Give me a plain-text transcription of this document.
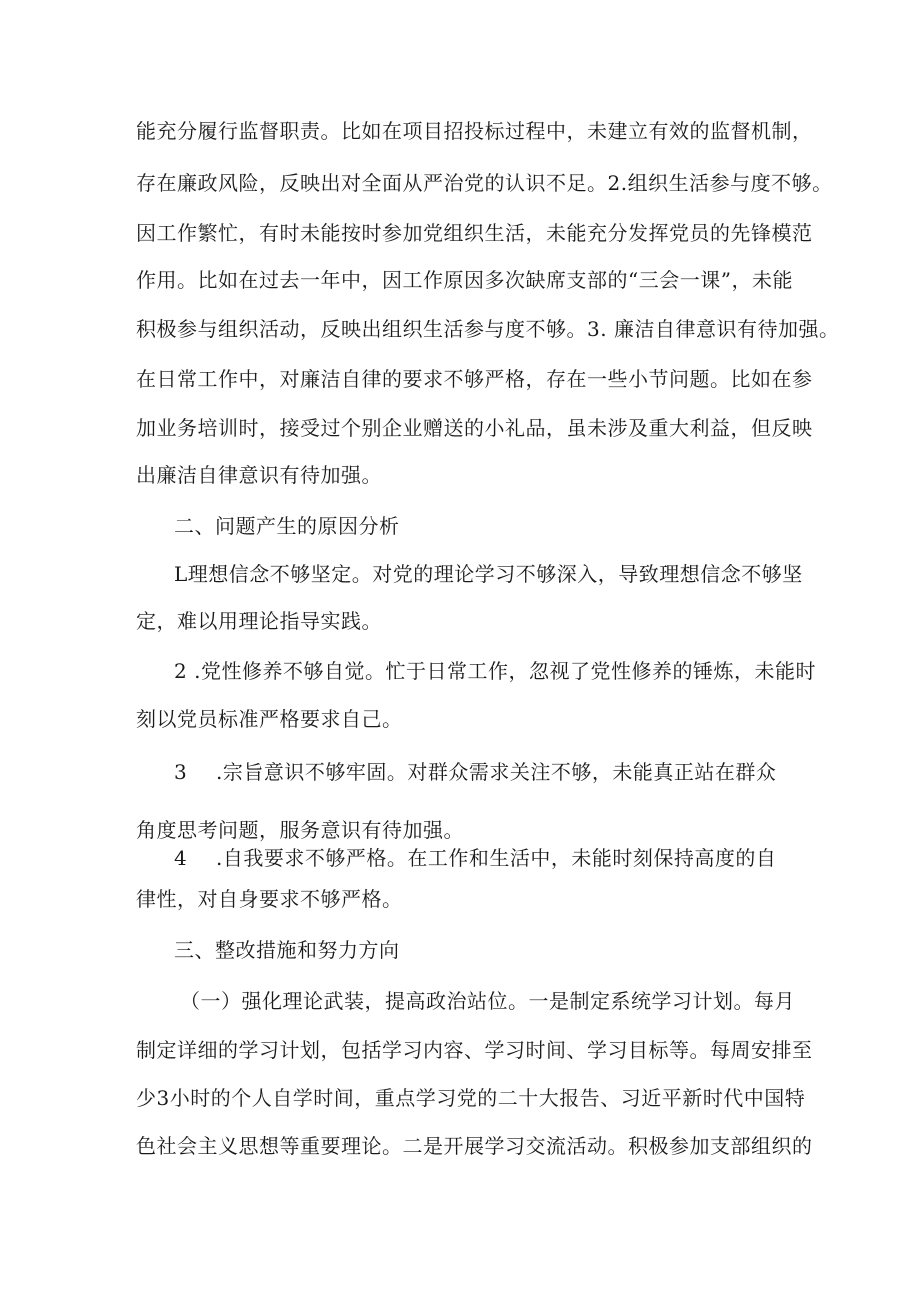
能充分履行监督职责。比如在项目招投标过程中，未建立有效的监督机制，
存在廉政风险，反映出对全面从严治党的认识不足。2.组织生活参与度不够。
因工作繁忙，有时未能按时参加党组织生活，未能充分发挥党员的先锋模范
作用。比如在过去一年中，因工作原因多次缺席支部的“三会一课”，未能
积极参与组织活动，反映出组织生活参与度不够。3. 廉洁自律意识有待加强。
在日常工作中，对廉洁自律的要求不够严格，存在一些小节问题。比如在参
加业务培训时，接受过个别企业赠送的小礼品，虽未涉及重大利益，但反映
出廉洁自律意识有待加强。
二、问题产生的原因分析
L理想信念不够坚定。对党的理论学习不够深入，导致理想信念不够坚
定，难以用理论指导实践。
2 .党性修养不够自觉。忙于日常工作，忽视了党性修养的锤炼，未能时
刻以党员标准严格要求自己。
3 .宗旨意识不够牢固。对群众需求关注不够，未能真正站在群众
角度思考问题，服务意识有待加强。
4 .自我要求不够严格。在工作和生活中，未能时刻保持高度的自
律性，对自身要求不够严格。
三、整改措施和努力方向
（一）强化理论武装，提高政治站位。一是制定系统学习计划。每月
制定详细的学习计划，包括学习内容、学习时间、学习目标等。每周安排至
少3小时的个人自学时间，重点学习党的二十大报告、习近平新时代中国特
色社会主义思想等重要理论。二是开展学习交流活动。积极参加支部组织的
